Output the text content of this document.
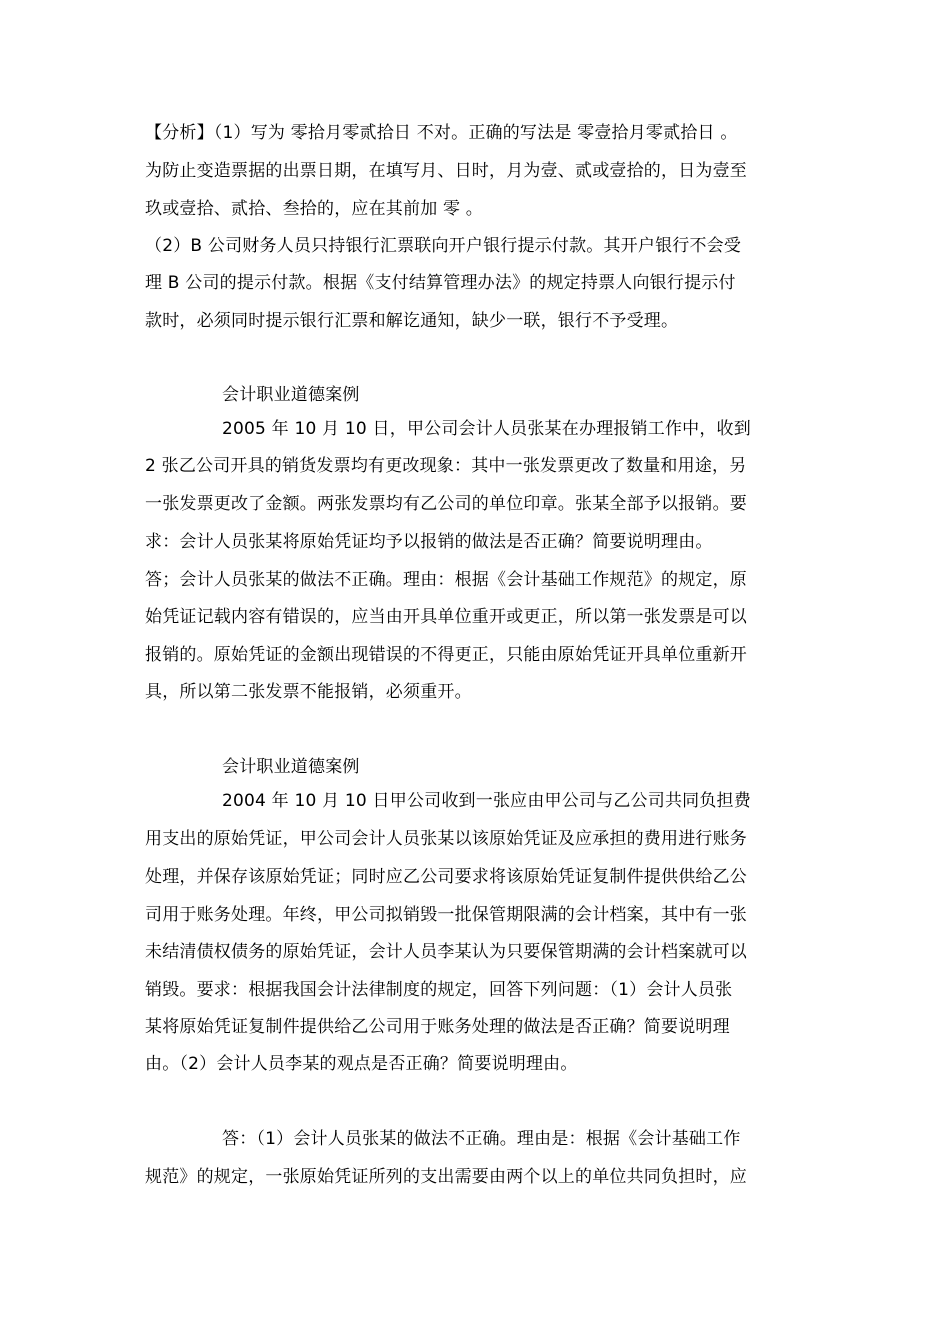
【分析】（1）写为 零拾月零贰拾日 不对。正确的写法是 零壹拾月零贰拾日 。
为防止变造票据的出票日期，在填写月、日时，月为壹、贰或壹拾的，日为壹至
玖或壹拾、贰拾、叁拾的，应在其前加 零 。
（2）B 公司财务人员只持银行汇票联向开户银行提示付款。其开户银行不会受
理 B 公司的提示付款。根据《支付结算管理办法》的规定持票人向银行提示付
款时，必须同时提示银行汇票和解讫通知，缺少一联，银行不予受理。
会计职业道德案例
2005 年 10 月 10 日，甲公司会计人员张某在办理报销工作中，收到
2 张乙公司开具的销货发票均有更改现象：其中一张发票更改了数量和用途，另
一张发票更改了金额。两张发票均有乙公司的单位印章。张某全部予以报销。要
求：会计人员张某将原始凭证均予以报销的做法是否正确？简要说明理由。
答；会计人员张某的做法不正确。理由：根据《会计基础工作规范》的规定，原
始凭证记载内容有错误的，应当由开具单位重开或更正，所以第一张发票是可以
报销的。原始凭证的金额出现错误的不得更正，只能由原始凭证开具单位重新开
具，所以第二张发票不能报销，必须重开。
会计职业道德案例
2004 年 10 月 10 日甲公司收到一张应由甲公司与乙公司共同负担费
用支出的原始凭证，甲公司会计人员张某以该原始凭证及应承担的费用进行账务
处理，并保存该原始凭证；同时应乙公司要求将该原始凭证复制件提供供给乙公
司用于账务处理。年终，甲公司拟销毁一批保管期限满的会计档案，其中有一张
未结清债权债务的原始凭证，会计人员李某认为只要保管期满的会计档案就可以
销毁。要求：根据我国会计法律制度的规定，回答下列问题：（1）会计人员张
某将原始凭证复制件提供给乙公司用于账务处理的做法是否正确？简要说明理
由。（2）会计人员李某的观点是否正确？简要说明理由。
答：（1）会计人员张某的做法不正确。理由是：根据《会计基础工作
规范》的规定，一张原始凭证所列的支出需要由两个以上的单位共同负担时，应
